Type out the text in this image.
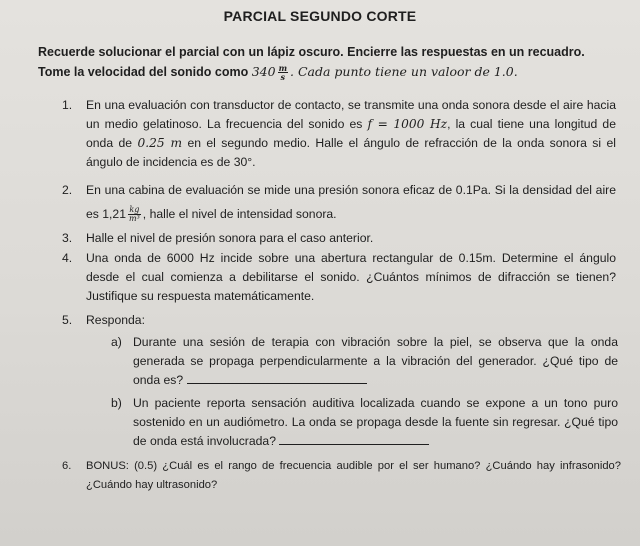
PARCIAL SEGUNDO CORTE
Recuerde solucionar el parcial con un lápiz oscuro. Encierre las respuestas en un recuadro.
Tome la velocidad del sonido como $340 \frac{m}{s}$ . Cada punto tiene un valoor de 1.0.
1. En una evaluación con transductor de contacto, se transmite una onda sonora desde el aire hacia un medio gelatinoso. La frecuencia del sonido es f = 1000 Hz, la cual tiene una longitud de onda de 0.25 m en el segundo medio. Halle el ángulo de refracción de la onda sonora si el ángulo de incidencia es de 30°.
2. En una cabina de evaluación se mide una presión sonora eficaz de 0.1Pa. Si la densidad del aire es $1,21 \frac{kg}{\text{m³}}$ , halle el nivel de intensidad sonora.
3. Halle el nivel de presión sonora para el caso anterior.
4. Una onda de 6000 Hz incide sobre una abertura rectangular de 0.15m. Determine el ángulo desde el cual comienza a debilitarse el sonido. ¿Cuántos mínimos de difracción se tienen? Justifique su respuesta matemáticamente.
5. Responda:
a) Durante una sesión de terapia con vibración sobre la piel, se observa que la onda generada se propaga perpendicularmente a la vibración del generador. ¿Qué tipo de onda es?
b) Un paciente reporta sensación auditiva localizada cuando se expone a un tono puro sostenido en un audiómetro. La onda se propaga desde la fuente sin regresar. ¿Qué tipo de onda está involucrada?
6. BONUS: (0.5) ¿Cuál es el rango de frecuencia audible por el ser humano? ¿Cuándo hay infrasonido? ¿Cuándo hay ultrasonido?
